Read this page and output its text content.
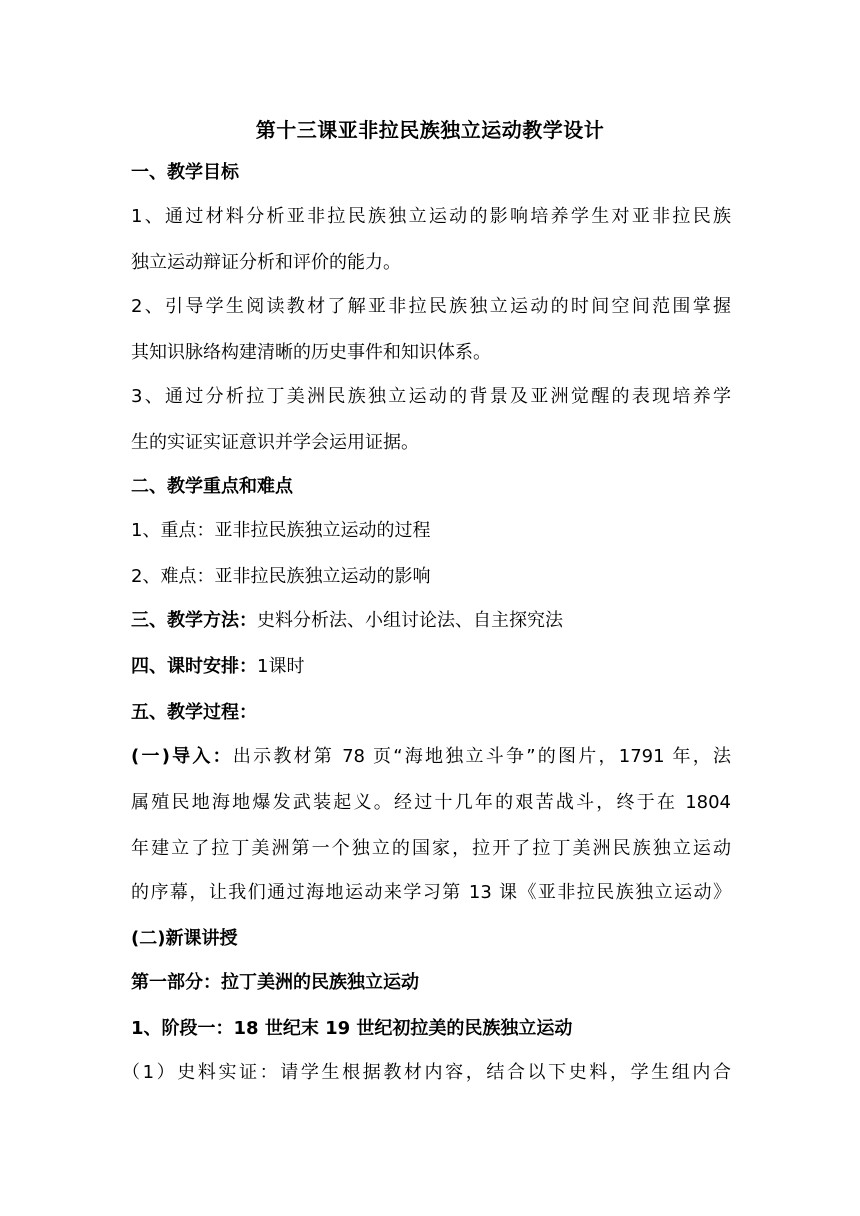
第十三课亚非拉民族独立运动教学设计
一、教学目标
1、通过材料分析亚非拉民族独立运动的影响培养学生对亚非拉民族
独立运动辩证分析和评价的能力。
2、引导学生阅读教材了解亚非拉民族独立运动的时间空间范围掌握
其知识脉络构建清晰的历史事件和知识体系。
3、通过分析拉丁美洲民族独立运动的背景及亚洲觉醒的表现培养学
生的实证实证意识并学会运用证据。
二、教学重点和难点
1、重点：亚非拉民族独立运动的过程
2、难点：亚非拉民族独立运动的影响
三、教学方法：史料分析法、小组讨论法、自主探究法
四、课时安排：1课时
五、教学过程：
(一)导入：出示教材第 78 页“海地独立斗争”的图片，1791 年，法
属殖民地海地爆发武装起义。经过十几年的艰苦战斗，终于在 1804
年建立了拉丁美洲第一个独立的国家，拉开了拉丁美洲民族独立运动
的序幕，让我们通过海地运动来学习第 13 课《亚非拉民族独立运动》
(二)新课讲授
第一部分：拉丁美洲的民族独立运动
1、阶段一：18 世纪末 19 世纪初拉美的民族独立运动
（1）史料实证：请学生根据教材内容，结合以下史料，学生组内合
